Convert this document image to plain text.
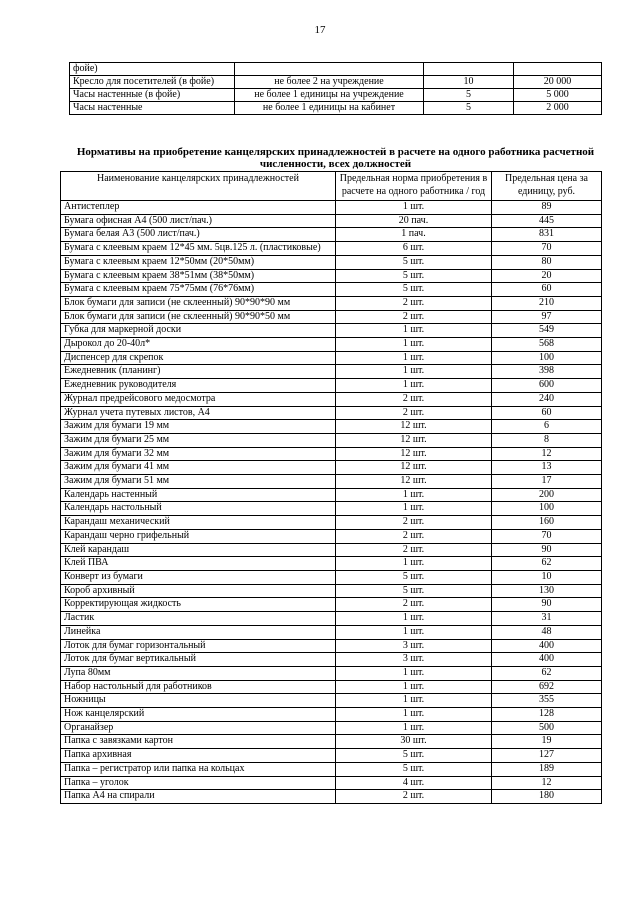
17
фойе)			
Кресло для посетителей (в фойе)	не более 2 на учреждение	10	20 000
Часы настенные (в фойе)	не более 1 единицы на учреждение	5	5 000
Часы настенные	не более 1 единицы на кабинет	5	2 000
Нормативы на приобретение канцелярских принадлежностей в расчете на одного работника расчетной численности, всех должностей
Наименование канцелярских принадлежностей	Предельная норма приобретения в расчете на одного работника / год	Предельная цена за единицу, руб.
Антистеплер	1 шт.	89
Бумага офисная А4 (500 лист/пач.)	20 пач.	445
Бумага белая А3 (500 лист/пач.)	1 пач.	831
Бумага с клеевым краем 12*45 мм. 5цв.125 л. (пластиковые)	6 шт.	70
Бумага с клеевым краем 12*50мм (20*50мм)	5 шт.	80
Бумага с клеевым краем 38*51мм (38*50мм)	5 шт.	20
Бумага с клеевым краем 75*75мм (76*76мм)	5 шт.	60
Блок бумаги для записи (не склеенный) 90*90*90 мм	2 шт.	210
Блок бумаги для записи (не склеенный) 90*90*50 мм	2 шт.	97
Губка для маркерной доски	1 шт.	549
Дырокол до 20-40л*	1 шт.	568
Диспенсер для скрепок	1 шт.	100
Ежедневник (планинг)	1 шт.	398
Ежедневник руководителя	1 шт.	600
Журнал предрейсового медосмотра	2 шт.	240
Журнал учета путевых листов, А4	2 шт.	60
Зажим для бумаги 19 мм	12 шт.	6
Зажим для бумаги 25 мм	12 шт.	8
Зажим для бумаги 32 мм	12 шт.	12
Зажим для бумаги 41 мм	12 шт.	13
Зажим для бумаги 51 мм	12 шт.	17
Календарь настенный	1 шт.	200
Календарь настольный	1 шт.	100
Карандаш механический	2 шт.	160
Карандаш черно грифельный	2 шт.	70
Клей карандаш	2 шт.	90
Клей ПВА	1 шт.	62
Конверт из бумаги	5 шт.	10
Короб архивный	5 шт.	130
Корректирующая жидкость	2 шт.	90
Ластик	1 шт.	31
Линейка	1 шт.	48
Лоток для бумаг горизонтальный	3 шт.	400
Лоток для бумаг вертикальный	3 шт.	400
Лупа 80мм	1 шт.	62
Набор настольный для работников	1 шт.	692
Ножницы	1 шт.	355
Нож канцелярский	1 шт.	128
Органайзер	1 шт.	500
Папка с завязками картон	30 шт.	19
Папка архивная	5 шт.	127
Папка – регистратор или папка на кольцах	5 шт.	189
Папка – уголок	4 шт.	12
Папка А4 на спирали	2 шт.	180
